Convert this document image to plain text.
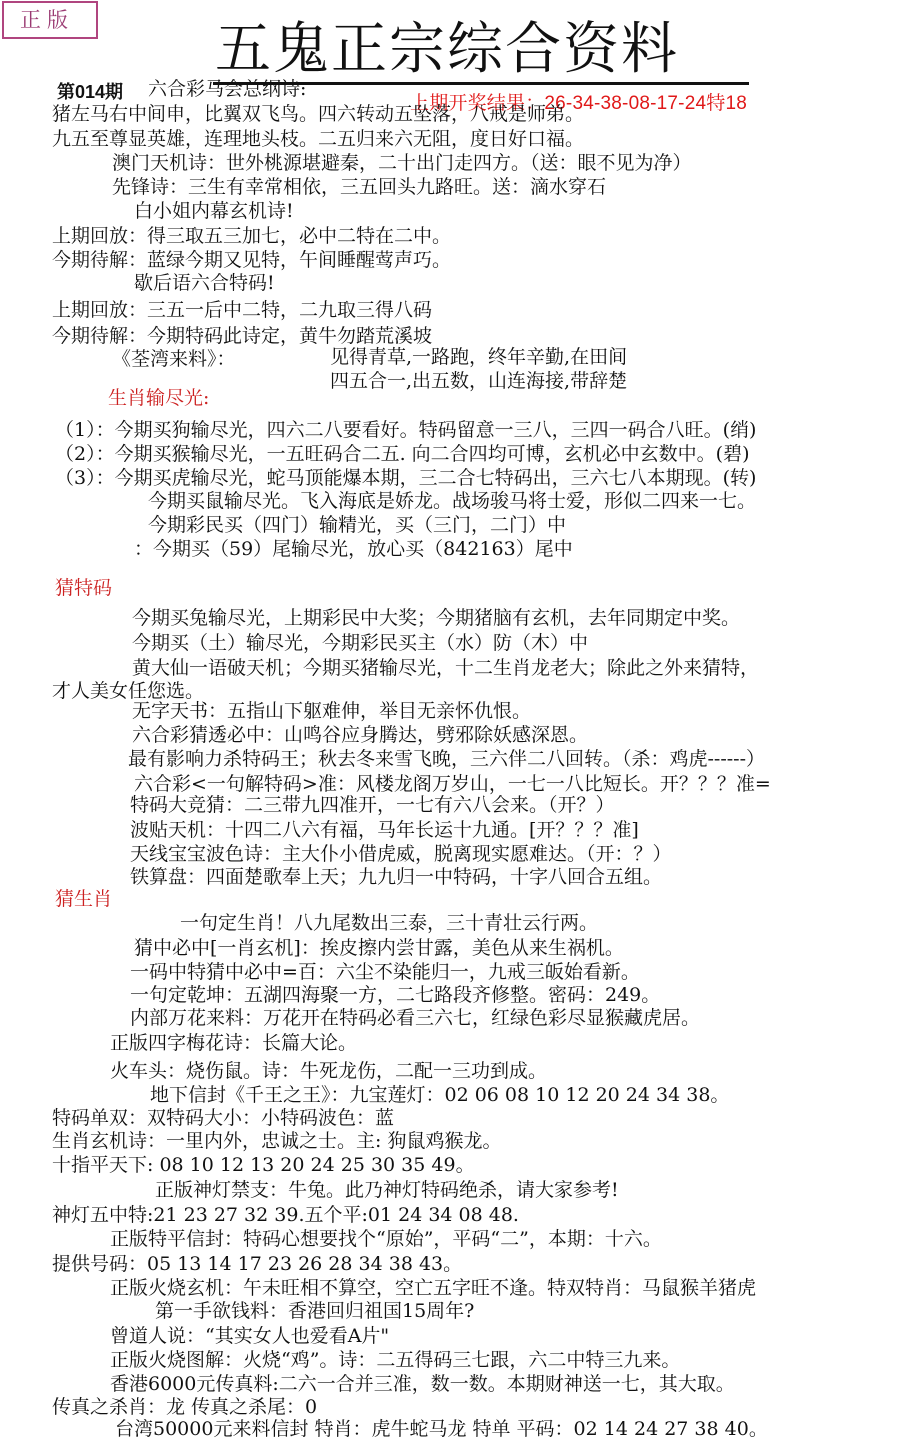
正版	五鬼正宗综合资料
第014期
上期开奖结果：26-34-38-08-17-24特18
六合彩马会总纲诗:
猪左马右中间申，比翼双飞鸟。四六转动五坠落，八戒是师弟。
九五至尊显英雄，连理地头枝。二五归来六无阻，度日好口福。
澳门天机诗：世外桃源堪避秦，二十出门走四方。（送：眼不见为净）
先锋诗：三生有幸常相依，三五回头九路旺。送：滴水穿石
白小姐内幕玄机诗!
上期回放：得三取五三加七，必中二特在二中。
今期待解：蓝绿今期又见特，午间睡醒莺声巧。
歇后语六合特码!
上期回放：三五一后中二特，二九取三得八码
今期待解：今期特码此诗定，黄牛勿踏荒溪坡
《荃湾来料》：	见得青草,一路跑，终年辛勤,在田间
四五合一,出五数，山连海接,带辞楚
生肖输尽光:
（1）：今期买狗输尽光，四六二八要看好。特码留意一三八，三四一码合八旺。(绡)
（2）：今期买猴输尽光，一五旺码合二五. 向二合四均可博，玄机必中玄数中。(碧)
（3）：今期买虎输尽光，蛇马顶能爆本期，三二合七特码出，三六七八本期现。(转)
今期买鼠输尽光。飞入海底是娇龙。战场骏马将士爱，形似二四来一七。
今期彩民买（四门）输精光，买（三门，二门）中
：今期买（59）尾输尽光，放心买（842163）尾中
猜特码
今期买兔输尽光，上期彩民中大奖；今期猪脑有玄机，去年同期定中奖。
今期买（土）输尽光，今期彩民买主（水）防（木）中
黄大仙一语破天机；今期买猪输尽光，十二生肖龙老大；除此之外来猜特，
才人美女任您选。
无字天书：五指山下躯难伸，举目无亲怀仇恨。
六合彩猜透必中：山鸣谷应身腾达，劈邪除妖感深恩。
最有影响力杀特码王；秋去冬来雪飞晚，三六伴二八回转。（杀：鸡虎------）
六合彩<一句解特码>准：风楼龙阁万岁山，一七一八比短长。开？？？准=
特码大竞猜：二三带九四准开，一七有六八会来。（开？）
波贴天机：十四二八六有福，马年长运十九通。[开？？？准]
天线宝宝波色诗：主大仆小借虎威，脱离现实愿难达。（开：？）
铁算盘：四面楚歌奉上天；九九归一中特码，十字八回合五组。
猜生肖
一句定生肖！八九尾数出三泰，三十青壮云行两。
猜中必中[一肖玄机]：挨皮擦内尝甘露，美色从来生祸机。
一码中特猜中必中=百：六尘不染能归一，九戒三皈始看新。
一句定乾坤：五湖四海聚一方，二七路段齐修整。密码：249。
内部万花来料：万花开在特码必看三六七，红绿色彩尽显猴藏虎居。
正版四字梅花诗：长篇大论。
火车头：烧伤鼠。诗：牛死龙伤，二配一三功到成。
地下信封《千王之王》：九宝莲灯：02 06 08 10 12 20 24 34 38。
特码单双：双特码大小：小特码波色：蓝
生肖玄机诗：一里内外，忠诚之士。主: 狗鼠鸡猴龙。
十指平天下: 08 10 12 13 20 24 25 30 35 49。
正版神灯禁支：牛兔。此乃神灯特码绝杀，请大家参考!
神灯五中特:21 23 27 32 39.五个平:01 24 34 08 48.
正版特平信封：特码心想要找个“原始”，平码“二”，本期：十六。
提供号码：05 13 14 17 23 26 28 34 38 43。
正版火烧玄机：午未旺相不算空，空亡五字旺不逢。特双特肖：马鼠猴羊猪虎
第一手欲钱料：香港回归祖国15周年?
曾道人说：“其实女人也爱看A片"
正版火烧图解：火烧“鸡”。诗：二五得码三七跟，六二中特三九来。
香港6000元传真料:二六一合并三准，数一数。本期财神送一七，其大取。
传真之杀肖：龙 传真之杀尾：0
台湾50000元来料信封 特肖：虎牛蛇马龙 特单 平码：02 14 24 27 38 40。
